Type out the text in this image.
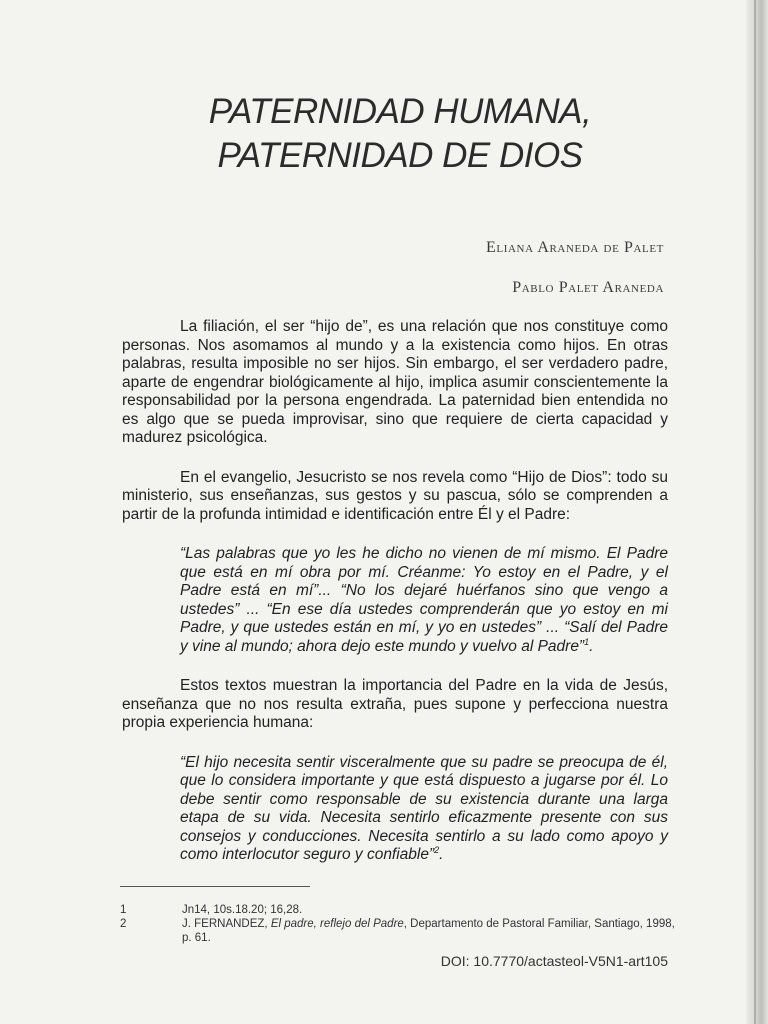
PATERNIDAD HUMANA,
PATERNIDAD DE DIOS
Eliana Araneda de Palet
Pablo Palet Araneda

La filiación, el ser “hijo de”, es una relación que nos constituye como personas. Nos asomamos al mundo y a la existencia como hijos. En otras palabras, resulta imposible no ser hijos. Sin embargo, el ser verdadero padre, aparte de engendrar biológicamente al hijo, implica asumir conscientemente la responsabilidad por la persona engendrada. La paternidad bien entendida no es algo que se pueda improvisar, sino que requiere de cierta capacidad y madurez psicológica.

En el evangelio, Jesucristo se nos revela como “Hijo de Dios”: todo su ministerio, sus enseñanzas, sus gestos y su pascua, sólo se comprenden a partir de la profunda intimidad e identificación entre Él y el Padre:

“Las palabras que yo les he dicho no vienen de mí mismo. El Padre que está en mí obra por mí. Créanme: Yo estoy en el Padre, y el Padre está en mí”... “No los dejaré huérfanos sino que vengo a ustedes” ... “En ese día ustedes comprenderán que yo estoy en mi Padre, y que ustedes están en mí, y yo en ustedes” ... “Salí del Padre y vine al mundo; ahora dejo este mundo y vuelvo al Padre”$^1$.

Estos textos muestran la importancia del Padre en la vida de Jesús, enseñanza que no nos resulta extraña, pues supone y perfecciona nuestra propia experiencia humana:

“El hijo necesita sentir visceralmente que su padre se preocupa de él, que lo considera importante y que está dispuesto a jugarse por él. Lo debe sentir como responsable de su existencia durante una larga etapa de su vida. Necesita sentirlo eficazmente presente con sus consejos y conducciones. Necesita sentirlo a su lado como apoyo y como interlocutor seguro y confiable”$^2$.

1	Jn14, 10s.18.20; 16,28.
2	J. FERNANDEZ, El padre, reflejo del Padre, Departamento de Pastoral Familiar, Santiago, 1998, p. 61.
DOI: 10.7770/actasteol-V5N1-art105
